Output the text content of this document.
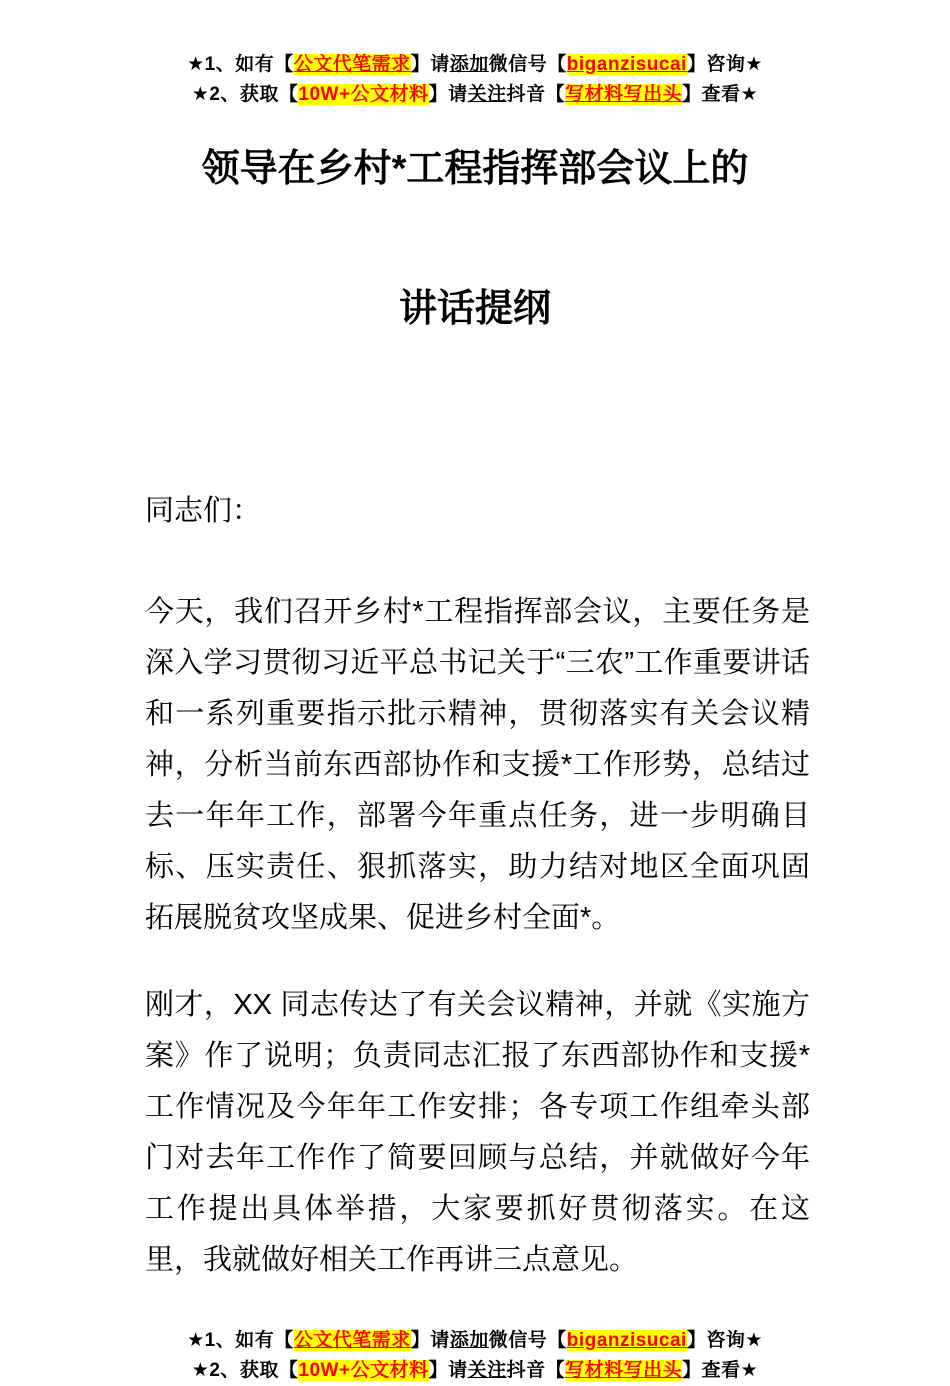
★1、如有【公文代笔需求】请添加微信号【biganzisucai】咨询★
★2、获取【10W+公文材料】请关注抖音【写材料写出头】查看★
领导在乡村*工程指挥部会议上的
讲话提纲
同志们：
今天，我们召开乡村*工程指挥部会议，主要任务是深入学习贯彻习近平总书记关于“三农”工作重要讲话和一系列重要指示批示精神，贯彻落实有关会议精神，分析当前东西部协作和支援*工作形势，总结过去一年年工作，部署今年重点任务，进一步明确目标、压实责任、狠抓落实，助力结对地区全面巩固拓展脱贫攻坚成果、促进乡村全面*。
刚才，XX 同志传达了有关会议精神，并就《实施方案》作了说明；负责同志汇报了东西部协作和支援*工作情况及今年年工作安排；各专项工作组牵头部门对去年工作作了简要回顾与总结，并就做好今年工作提出具体举措，大家要抓好贯彻落实。在这里，我就做好相关工作再讲三点意见。
★1、如有【公文代笔需求】请添加微信号【biganzisucai】咨询★
★2、获取【10W+公文材料】请关注抖音【写材料写出头】查看★
